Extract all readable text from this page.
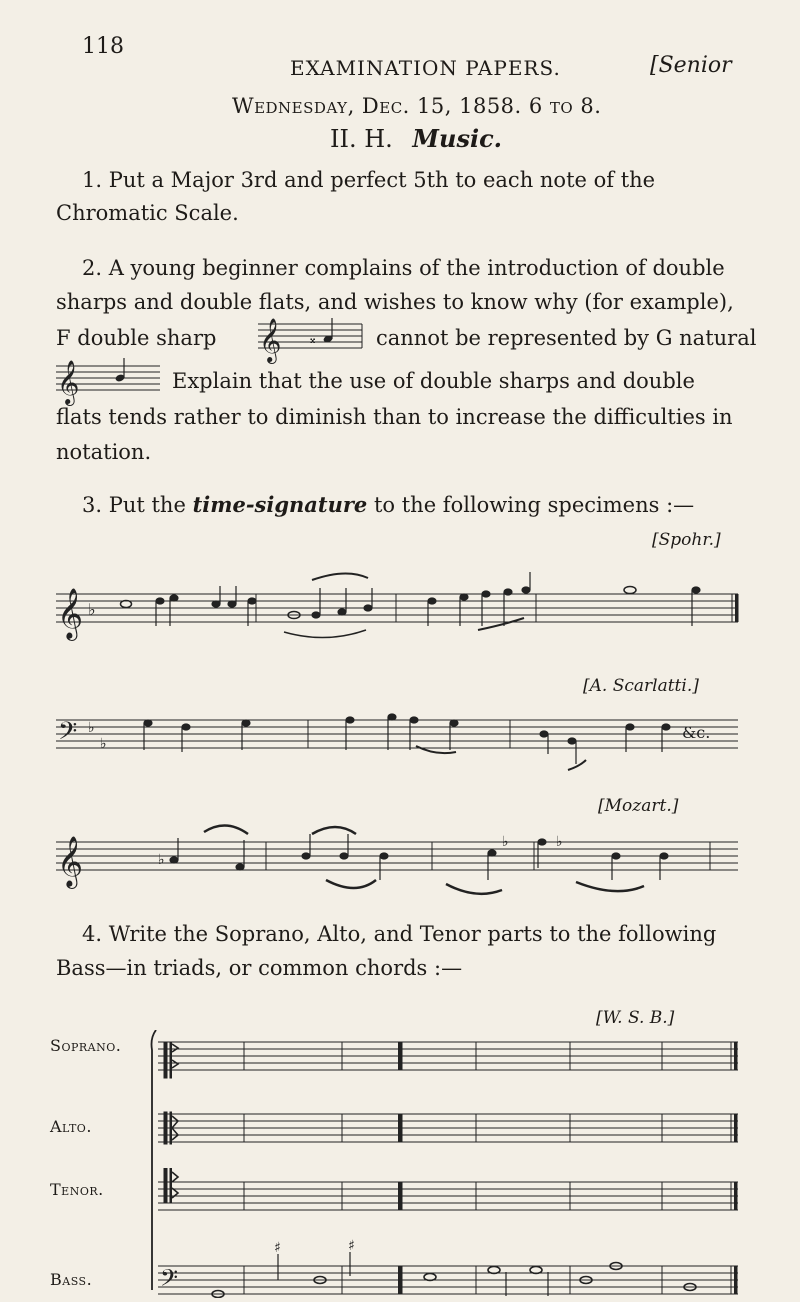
118
EXAMINATION PAPERS.	[Senior
Wednesday, Dec. 15, 1858. 6 to 8.
II. H. Music.
1. Put a Major 3rd and perfect 5th to each note of the
Chromatic Scale.
2. A young beginner complains of the introduction of double
sharps and double flats, and wishes to know why (for example),
F double sharp 𝄞 𝄪	cannot be represented by G natural
𝄞	Explain that the use of double sharps and double
flats tends rather to diminish than to increase the difficulties in
notation.
3. Put the time-signature to the following specimens :—
[Spohr.]
𝄞 ♭
[A. Scarlatti.]
𝄢 ♭
♭
&c.
[Mozart.]
𝄞	♭
♭	♭
4. Write the Soprano, Alto, and Tenor parts to the following
Bass—in triads, or common chords :—
[W. S. B.]
Soprano.
Alto.
Tenor.
Bass. 𝄢
♯	♯
